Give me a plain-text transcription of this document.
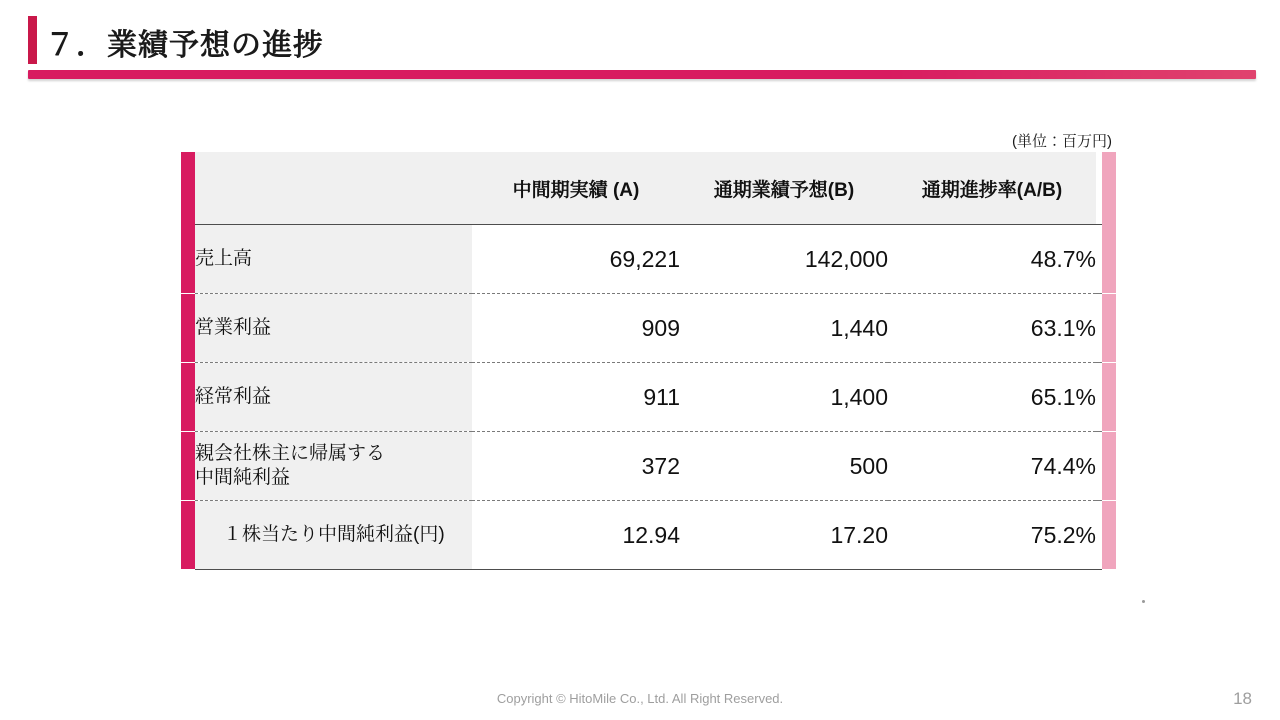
７．業績予想の進捗
(単位：百万円)
		中間期実績 (A)	通期業績予想(B)	通期進捗率(A/B)		
	売上高	69,221	142,000	48.7%		

	営業利益	909	1,440	63.1%		

	経常利益	911	1,400	65.1%		

	親会社株主に帰属する
中間純利益	372	500	74.4%		

	１株当たり中間純利益(円)	12.94	17.20	75.2%		

Copyright © HitoMile Co., Ltd. All Right Reserved.	18
